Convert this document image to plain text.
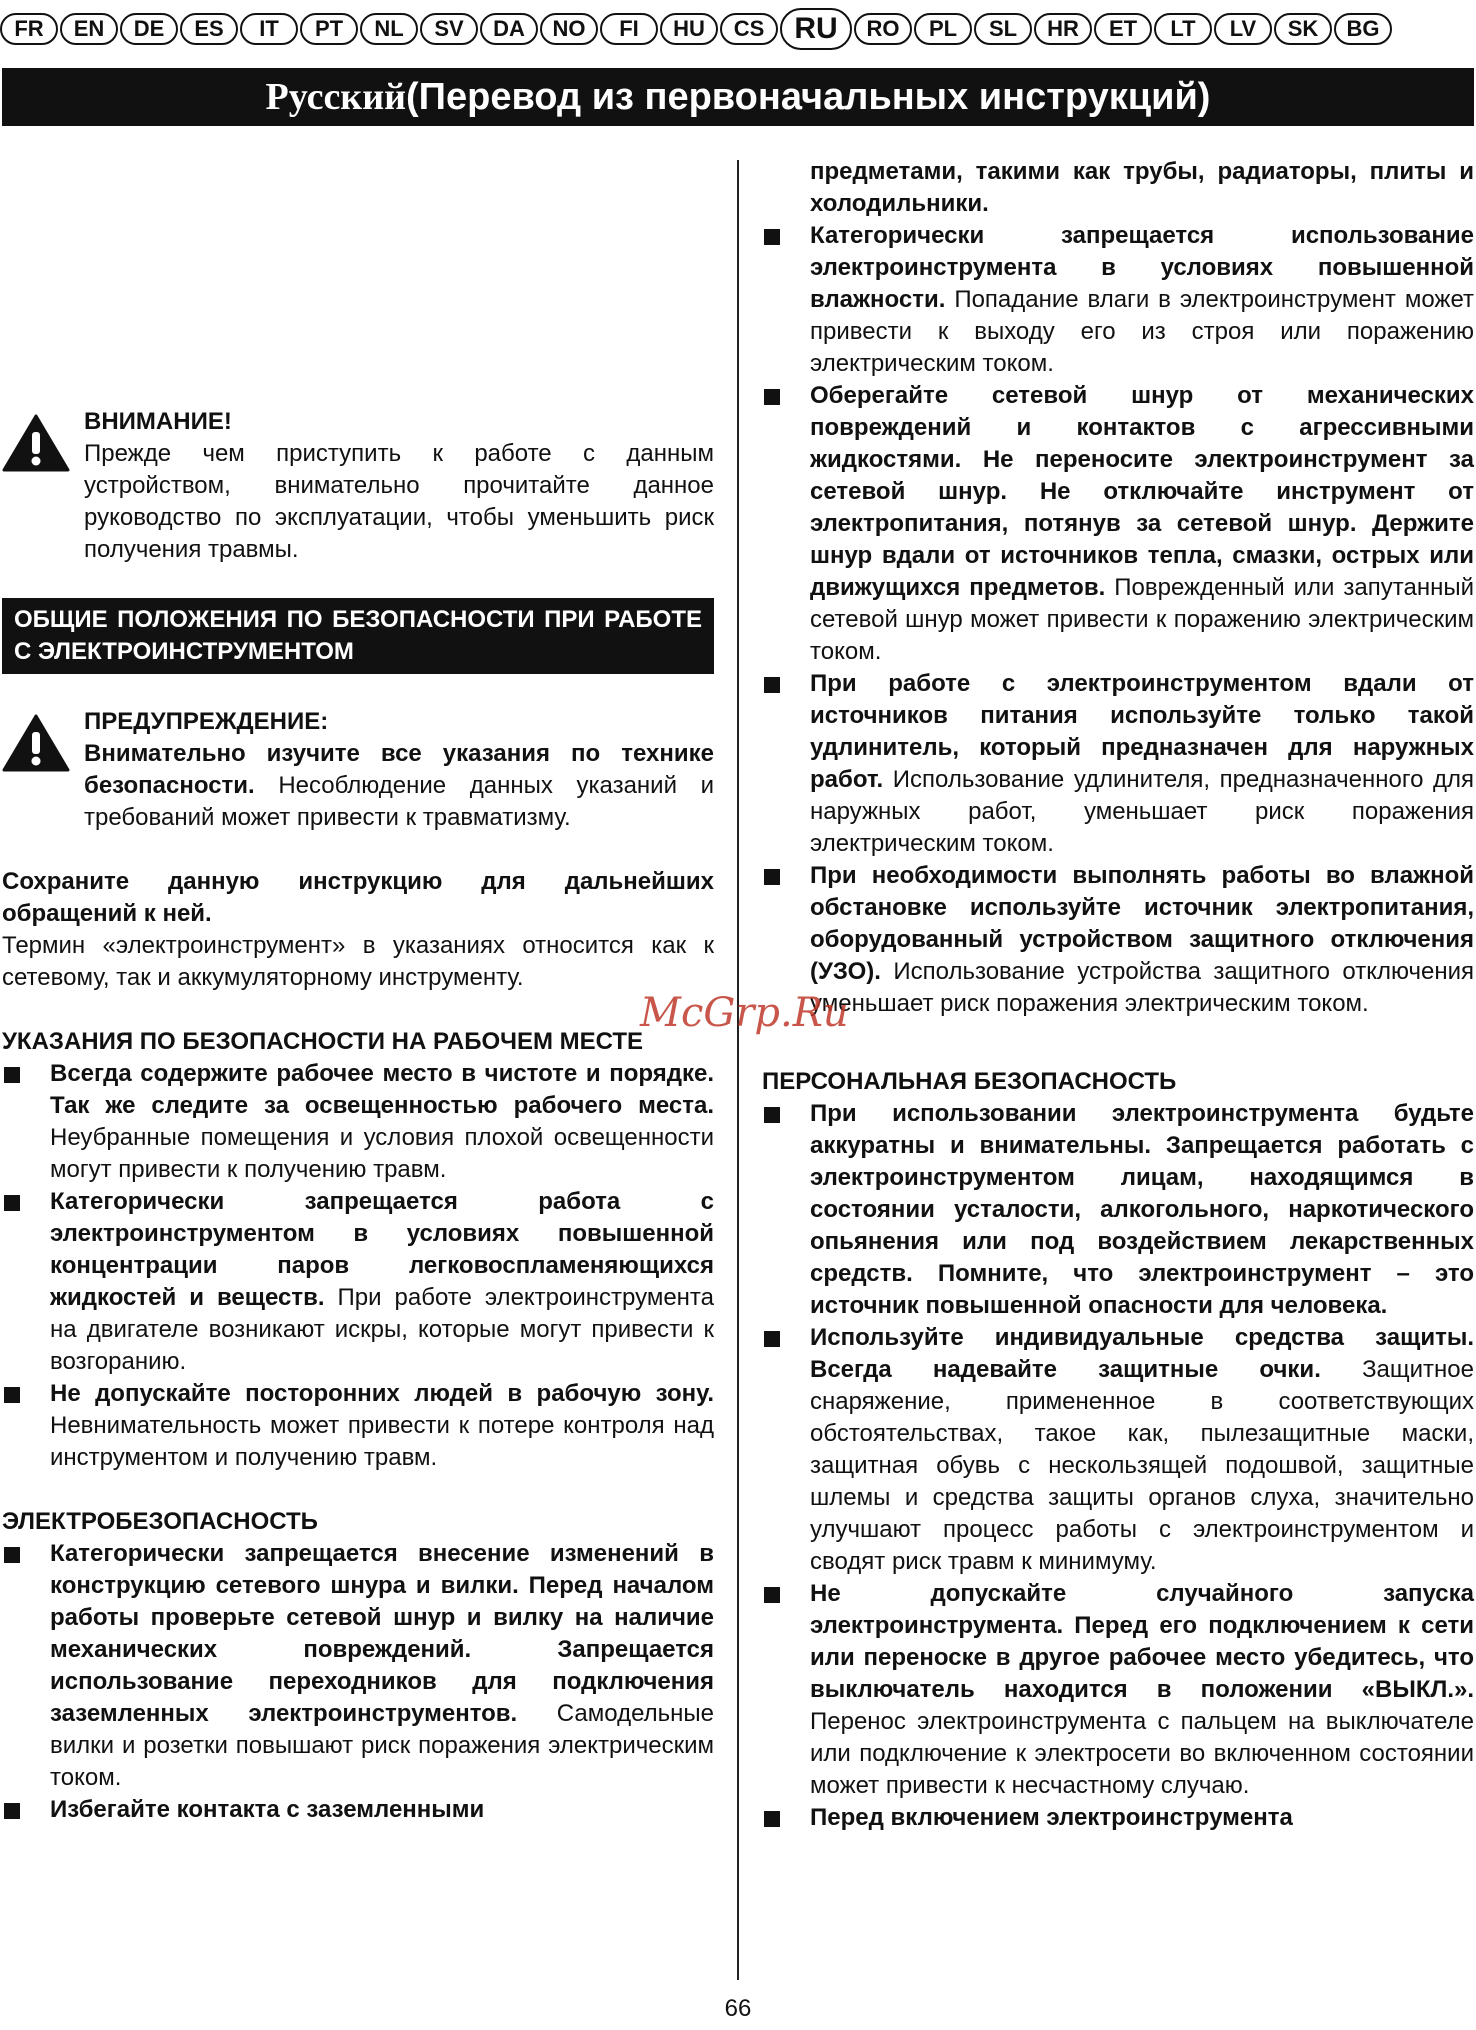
FR	EN	DE	ES	IT	PT	NL	SV	DA	NO	FI	HU	CS	RU	RO	PL	SL	HR	ET	LT	LV	SK	BG
Русский (Перевод из первоначальных инструкций)

ВНИМАНИЕ!

Прежде чем приступить к работе с данным устройством, внимательно прочитайте данное руководство по эксплуатации, чтобы уменьшить риск получения травмы.

ОБЩИЕ ПОЛОЖЕНИЯ ПО БЕЗОПАСНОСТИ ПРИ РАБОТЕ С ЭЛЕКТРОИНСТРУМЕНТОМ

ПРЕДУПРЕЖДЕНИЕ:

Внимательно изучите все указания по технике безопасности. Несоблюдение данных указаний и требований может привести к травматизму.

Сохраните данную инструкцию для дальнейших обращений к ней.

Термин «электроинструмент» в указаниях относится как к сетевому, так и аккумуляторному инструменту.

УКАЗАНИЯ ПО БЕЗОПАСНОСТИ НА РАБОЧЕМ МЕСТЕ

Всегда содержите рабочее место в чистоте и порядке. Так же следите за освещенностью рабочего места. Неубранные помещения и условия плохой освещенности могут привести к получению травм.
Категорически запрещается работа с электроинструментом в условиях повышенной концентрации паров легковоспламеняющихся жидкостей и веществ. При работе электроинструмента на двигателе возникают искры, которые могут привести к возгоранию.
Не допускайте посторонних людей в рабочую зону. Невнимательность может привести к потере контроля над инструментом и получению травм.

ЭЛЕКТРОБЕЗОПАСНОСТЬ

Категорически запрещается внесение изменений в конструкцию сетевого шнура и вилки. Перед началом работы проверьте сетевой шнур и вилку на наличие механических повреждений. Запрещается использование переходников для подключения заземленных электроинструментов. Самодельные вилки и розетки повышают риск поражения электрическим током.
Избегайте контакта с заземленными

предметами, такими как трубы, радиаторы, плиты и холодильники.

Категорически запрещается использование электроинструмента в условиях повышенной влажности. Попадание влаги в электроинструмент может привести к выходу его из строя или поражению электрическим током.
Оберегайте сетевой шнур от механических повреждений и контактов с агрессивными жидкостями. Не переносите электроинструмент за сетевой шнур. Не отключайте инструмент от электропитания, потянув за сетевой шнур. Держите шнур вдали от источников тепла, смазки, острых или движущихся предметов. Поврежденный или запутанный сетевой шнур может привести к поражению электрическим током.
При работе с электроинструментом вдали от источников питания используйте только такой удлинитель, который предназначен для наружных работ. Использование удлинителя, предназначенного для наружных работ, уменьшает риск поражения электрическим током.
При необходимости выполнять работы во влажной обстановке используйте источник электропитания, оборудованный устройством защитного отключения (УЗО). Использование устройства защитного отключения уменьшает риск поражения электрическим током.

ПЕРСОНАЛЬНАЯ БЕЗОПАСНОСТЬ

При использовании электроинструмента будьте аккуратны и внимательны. Запрещается работать с электроинструментом лицам, находящимся в состоянии усталости, алкогольного, наркотического опьянения или под воздействием лекарственных средств. Помните, что электроинструмент – это источник повышенной опасности для человека.
Используйте индивидуальные средства защиты. Всегда надевайте защитные очки. Защитное снаряжение, примененное в соответствующих обстоятельствах, такое как, пылезащитные маски, защитная обувь с нескользящей подошвой, защитные шлемы и средства защиты органов слуха, значительно улучшают процесс работы с электроинструментом и сводят риск травм к минимуму.
Не допускайте случайного запуска электроинструмента. Перед его подключением к сети или переноске в другое рабочее место убедитесь, что выключатель находится в положении «ВЫКЛ.». Перенос электроинструмента с пальцем на выключателе или подключение к электросети во включенном состоянии может привести к несчастному случаю.
Перед включением электроинструмента
McGrp.Ru
66
